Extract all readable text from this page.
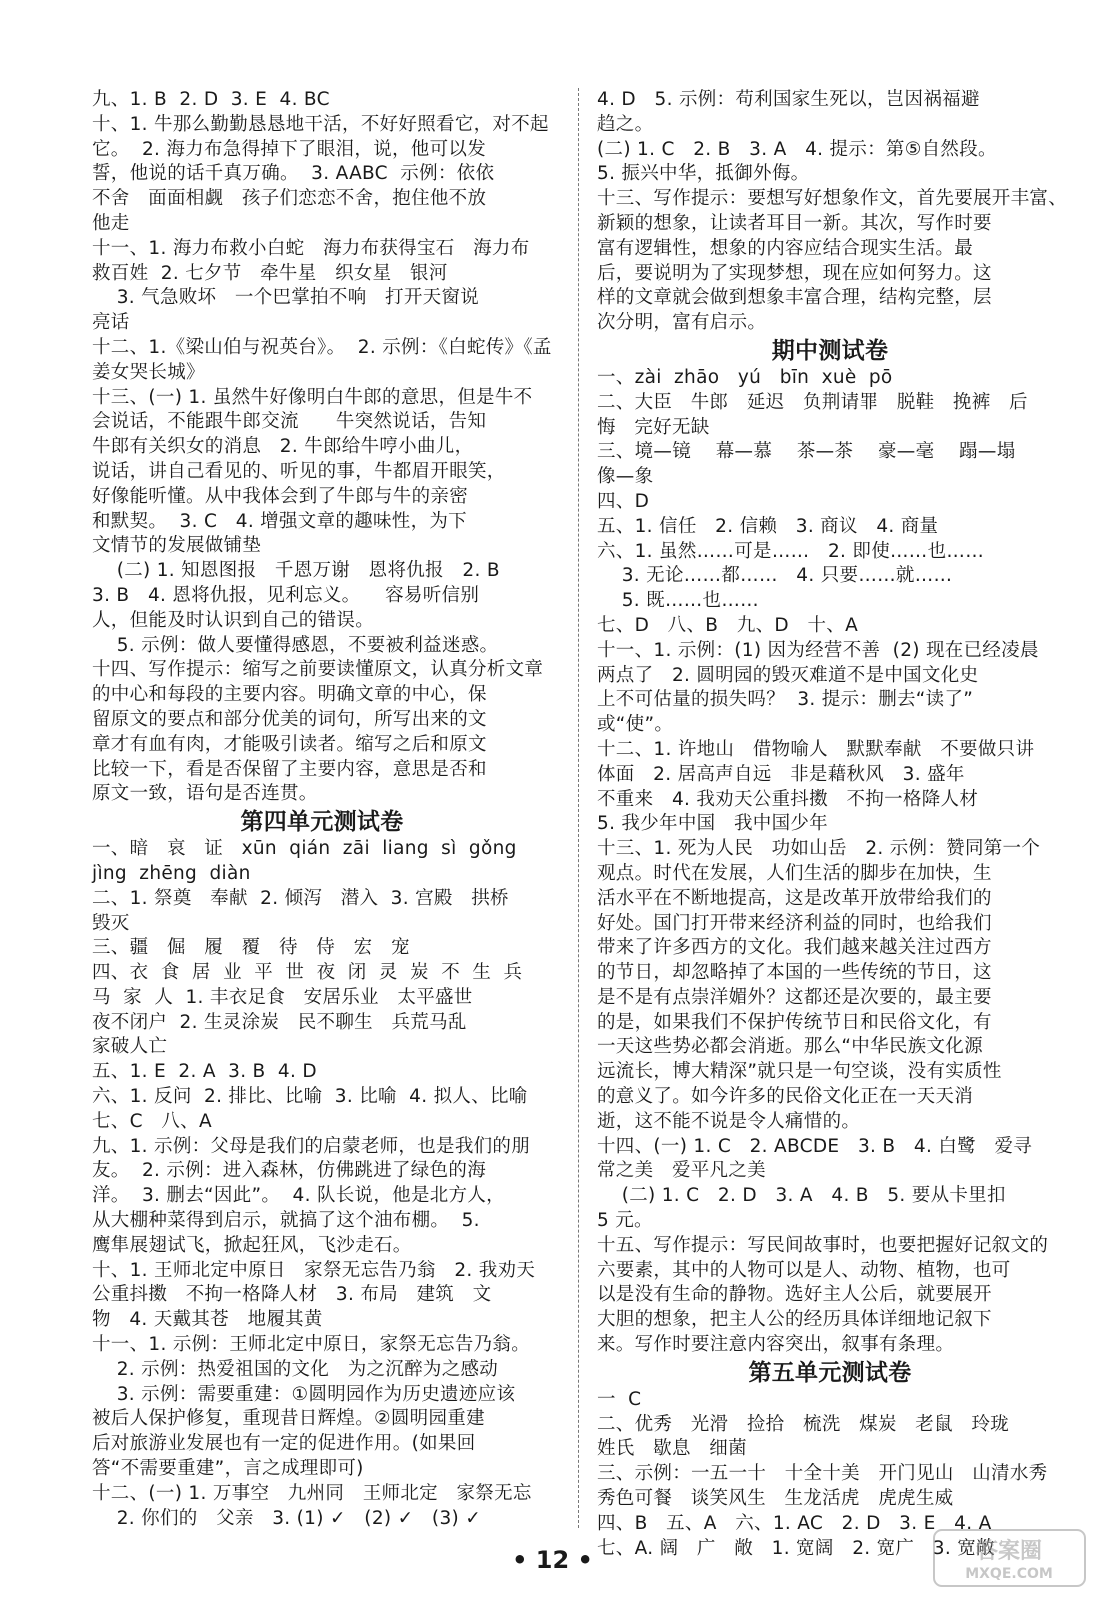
九、1. B  2. D  3. E  4. BC
十、1. 牛那么勤勤恳恳地干活，不好好照看它，对不起
它。  2. 海力布急得掉下了眼泪，说，他可以发
誓，他说的话千真万确。  3. AABC  示例：依依
不舍   面面相觑   孩子们恋恋不舍，抱住他不放
他走
十一、1. 海力布救小白蛇   海力布获得宝石   海力布
救百姓  2. 七夕节   牵牛星   织女星   银河
3. 气急败坏   一个巴掌拍不响   打开天窗说
亮话
十二、1.《梁山伯与祝英台》。  2. 示例：《白蛇传》《孟
姜女哭长城》
十三、(一) 1. 虽然牛好像明白牛郎的意思，但是牛不
会说话，不能跟牛郎交流      牛突然说话，告知
牛郎有关织女的消息   2. 牛郎给牛哼小曲儿，
说话，讲自己看见的、听见的事，牛都眉开眼笑，
好像能听懂。从中我体会到了牛郎与牛的亲密
和默契。  3. C   4. 增强文章的趣味性，为下
文情节的发展做铺垫
(二) 1. 知恩图报   千恩万谢   恩将仇报   2. B
3. B   4. 恩将仇报，见利忘义。    容易听信别
人，但能及时认识到自己的错误。
5. 示例：做人要懂得感恩，不要被利益迷惑。
十四、写作提示：缩写之前要读懂原文，认真分析文章
的中心和每段的主要内容。明确文章的中心，保
留原文的要点和部分优美的词句，所写出来的文
章才有血有肉，才能吸引读者。缩写之后和原文
比较一下，看是否保留了主要内容，意思是否和
原文一致，语句是否连贯。
第四单元测试卷
一、暗   哀   证   xūn  qián  zāi  liang  sì  gǒng
jìng  zhēng  diàn
二、1. 祭奠   奉献  2. 倾泻   潜入  3. 宫殿   拱桥
毁灭
三、疆   倔   履   覆   待   侍   宏   宠
四、衣  食  居  业  平  世  夜  闭  灵  炭  不  生  兵
马  家  人  1. 丰衣足食   安居乐业   太平盛世
夜不闭户  2. 生灵涂炭   民不聊生   兵荒马乱
家破人亡
五、1. E  2. A  3. B  4. D
六、1. 反问  2. 排比、比喻  3. 比喻  4. 拟人、比喻
七、C   八、A
九、1. 示例：父母是我们的启蒙老师，也是我们的朋
友。  2. 示例：进入森林，仿佛跳进了绿色的海
洋。  3. 删去“因此”。  4. 队长说，他是北方人，
从大棚种菜得到启示，就搞了这个油布棚。  5.
鹰隼展翅试飞，掀起狂风，飞沙走石。
十、1. 王师北定中原日   家祭无忘告乃翁   2. 我劝天
公重抖擞   不拘一格降人材   3. 布局   建筑   文
物   4. 天戴其苍   地履其黄
十一、1. 示例：王师北定中原日，家祭无忘告乃翁。
2. 示例：热爱祖国的文化   为之沉醉为之感动
3. 示例：需要重建：①圆明园作为历史遗迹应该
被后人保护修复，重现昔日辉煌。②圆明园重建
后对旅游业发展也有一定的促进作用。(如果回
答“不需要重建”，言之成理即可)
十二、(一) 1. 万事空   九州同   王师北定   家祭无忘
2. 你们的   父亲   3. (1) ✓   (2) ✓   (3) ✓
4. D   5. 示例：苟利国家生死以，岂因祸福避
趋之。
(二) 1. C   2. B   3. A   4. 提示：第⑤自然段。
5. 振兴中华，抵御外侮。
十三、写作提示：要想写好想象作文，首先要展开丰富、
新颖的想象，让读者耳目一新。其次，写作时要
富有逻辑性，想象的内容应结合现实生活。最
后，要说明为了实现梦想，现在应如何努力。这
样的文章就会做到想象丰富合理，结构完整，层
次分明，富有启示。
期中测试卷
一、zài  zhāo   yú   bīn  xuè  pō
二、大臣   牛郎   延迟   负荆请罪   脱鞋   挽裤   后
悔   完好无缺
三、境—镜    幕—慕    茶—茶    豪—毫    蹋—塌
像—象
四、D
五、1. 信任   2. 信赖   3. 商议   4. 商量
六、1. 虽然……可是……   2. 即使……也……
3. 无论……都……   4. 只要……就……
5. 既……也……
七、D   八、B   九、D   十、A
十一、1. 示例：(1) 因为经营不善  (2) 现在已经凌晨
两点了   2. 圆明园的毁灭难道不是中国文化史
上不可估量的损失吗？  3. 提示：删去“读了”
或“使”。
十二、1. 许地山   借物喻人   默默奉献   不要做只讲
体面   2. 居高声自远   非是藉秋风   3. 盛年
不重来   4. 我劝天公重抖擞   不拘一格降人材
5. 我少年中国   我中国少年
十三、1. 死为人民   功如山岳   2. 示例：赞同第一个
观点。时代在发展，人们生活的脚步在加快，生
活水平在不断地提高，这是改革开放带给我们的
好处。国门打开带来经济利益的同时，也给我们
带来了许多西方的文化。我们越来越关注过西方
的节日，却忽略掉了本国的一些传统的节日，这
是不是有点崇洋媚外？这都还是次要的，最主要
的是，如果我们不保护传统节日和民俗文化，有
一天这些势必都会消逝。那么“中华民族文化源
远流长，博大精深”就只是一句空谈，没有实质性
的意义了。如今许多的民俗文化正在一天天消
逝，这不能不说是令人痛惜的。
十四、(一) 1. C   2. ABCDE   3. B   4. 白鹭   爱寻
常之美   爱平凡之美
(二) 1. C   2. D   3. A   4. B   5. 要从卡里扣
5 元。
十五、写作提示：写民间故事时，也要把握好记叙文的
六要素，其中的人物可以是人、动物、植物，也可
以是没有生命的静物。选好主人公后，就要展开
大胆的想象，把主人公的经历具体详细地记叙下
来。写作时要注意内容突出，叙事有条理。
第五单元测试卷
一  C
二、优秀   光滑   捡拾   梳洗   煤炭   老鼠   玲珑
姓氏   歇息   细菌
三、示例：一五一十   十全十美   开门见山   山清水秀
秀色可餐   谈笑风生   生龙活虎   虎虎生威
四、B   五、A   六、1. AC   2. D   3. E   4. A
七、A. 阔   广   敞   1. 宽阔   2. 宽广   3. 宽敞
• 12 •	答案圈
MXQE.COM
